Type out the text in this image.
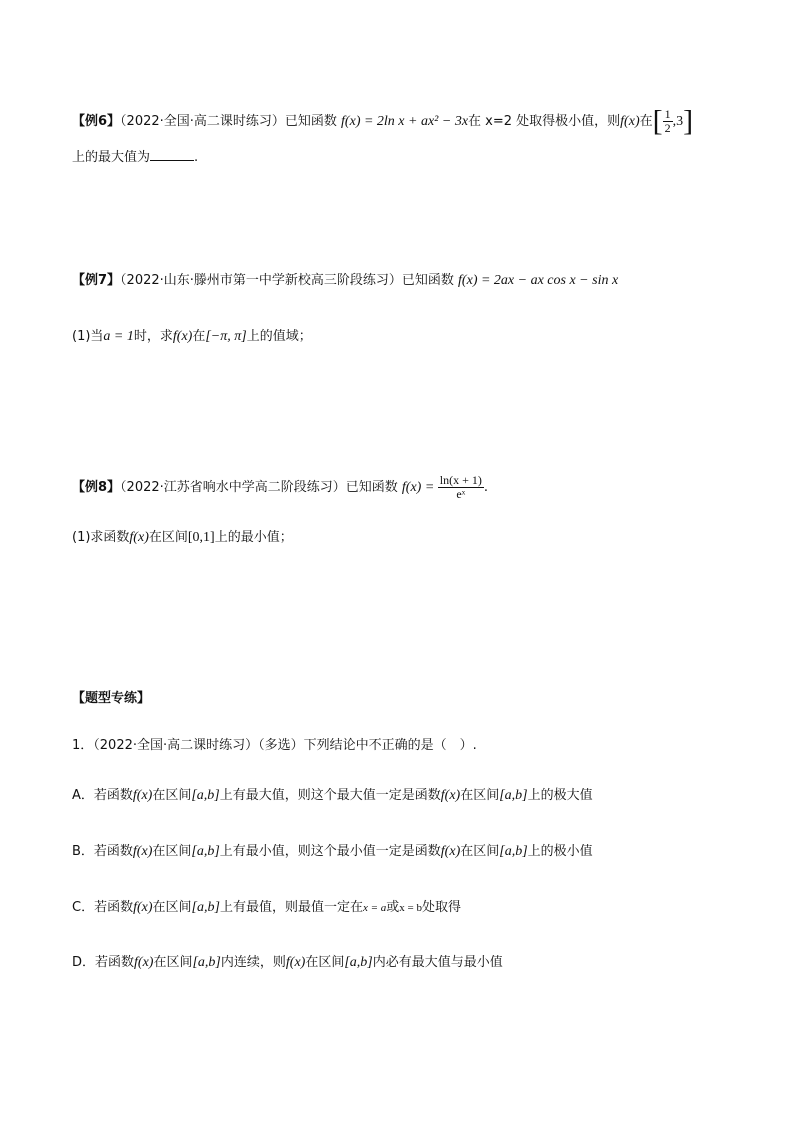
【例6】（2022·全国·高二课时练习）已知函数 f(x) = 2ln x + ax² − 3x在 x=2 处取得极小值，则f(x)在[ $\frac{1}{2} ,3$]
上的最大值为	.
【例7】（2022·山东·滕州市第一中学新校高三阶段练习）已知函数 f(x) = 2ax − ax cos x − sin x
(1)当a = 1时，求f(x)在[−π, π]上的值域；
【例8】（2022·江苏省响水中学高二阶段练习）已知函数 $f(x) = \frac{\ln(x + 1)}{\text{eˣ}}$ .
(1)求函数f(x)在区间[0,1]上的最小值；
【题型专练】
1．（2022·全国·高二课时练习）（多选）下列结论中不正确的是（　）.
A．若函数f(x)在区间[a,b]上有最大值，则这个最大值一定是函数f(x)在区间[a,b]上的极大值
B．若函数f(x)在区间[a,b]上有最小值，则这个最小值一定是函数f(x)在区间[a,b]上的极小值
C．若函数f(x)在区间[a,b]上有最值，则最值一定在x = a或x = b处取得
D．若函数f(x)在区间[a,b]内连续，则f(x)在区间[a,b]内必有最大值与最小值
